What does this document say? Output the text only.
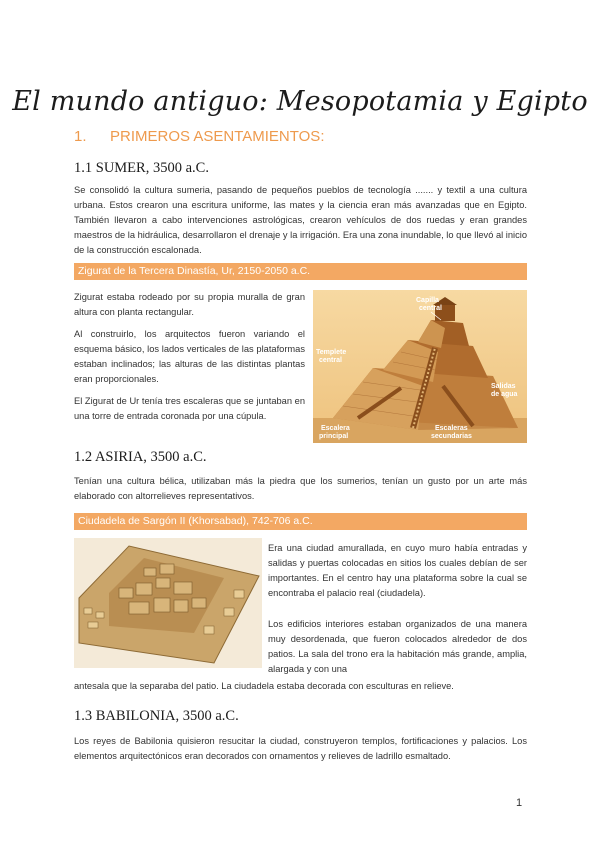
El mundo antiguo: Mesopotamia y Egipto
1. PRIMEROS ASENTAMIENTOS:
1.1 SUMER, 3500 a.C.

Se consolidó la cultura sumeria, pasando de pequeños pueblos de tecnología ....... y textil a una cultura urbana. Estos crearon una escritura uniforme, las mates y la ciencia eran más avanzadas que en Egipto. También llevaron a cabo intervenciones astrológicas, crearon vehículos de dos ruedas y eran grandes maestros de la hidráulica, desarrollaron el drenaje y la irrigación. Era una zona inundable, lo que llevó al inicio de la construcción escalonada.

Zigurat de la Tercera Dinastía, Ur, 2150-2050 a.C.

Zigurat estaba rodeado por su propia muralla de gran altura con planta rectangular.

Al construirlo, los arquitectos fueron variando el esquema básico, los lados verticales de las plataformas estaban inclinados; las alturas de las distintas plantas eran proporcionales.

El Zigurat de Ur tenía tres escaleras que se juntaban en una torre de entrada coronada por una cúpula.

Capilla
central
Templete
central
Salidas
de agua
Escalera
principal
Escaleras
secundarias
1.2 ASIRIA, 3500 a.C.

Tenían una cultura bélica, utilizaban más la piedra que los sumerios, tenían un gusto por un arte más elaborado con altorrelieves representativos.

Ciudadela de Sargón II (Khorsabad), 742-706 a.C.

Era una ciudad amurallada, en cuyo muro había entradas y salidas y puertas colocadas en sitios los cuales debían de ser importantes. En el centro hay una plataforma sobre la cual se encontraba el palacio real (ciudadela).

Los edificios interiores estaban organizados de una manera muy desordenada, que fueron colocados alrededor de dos patios. La sala del trono era la habitación más grande, amplia, alargada y con una

antesala que la separaba del patio. La ciudadela estaba decorada con esculturas en relieve.

1.3 BABILONIA, 3500 a.C.

Los reyes de Babilonia quisieron resucitar la ciudad, construyeron templos, fortificaciones y palacios. Los elementos arquitectónicos eran decorados con ornamentos y relieves de ladrillo esmaltado.

1
